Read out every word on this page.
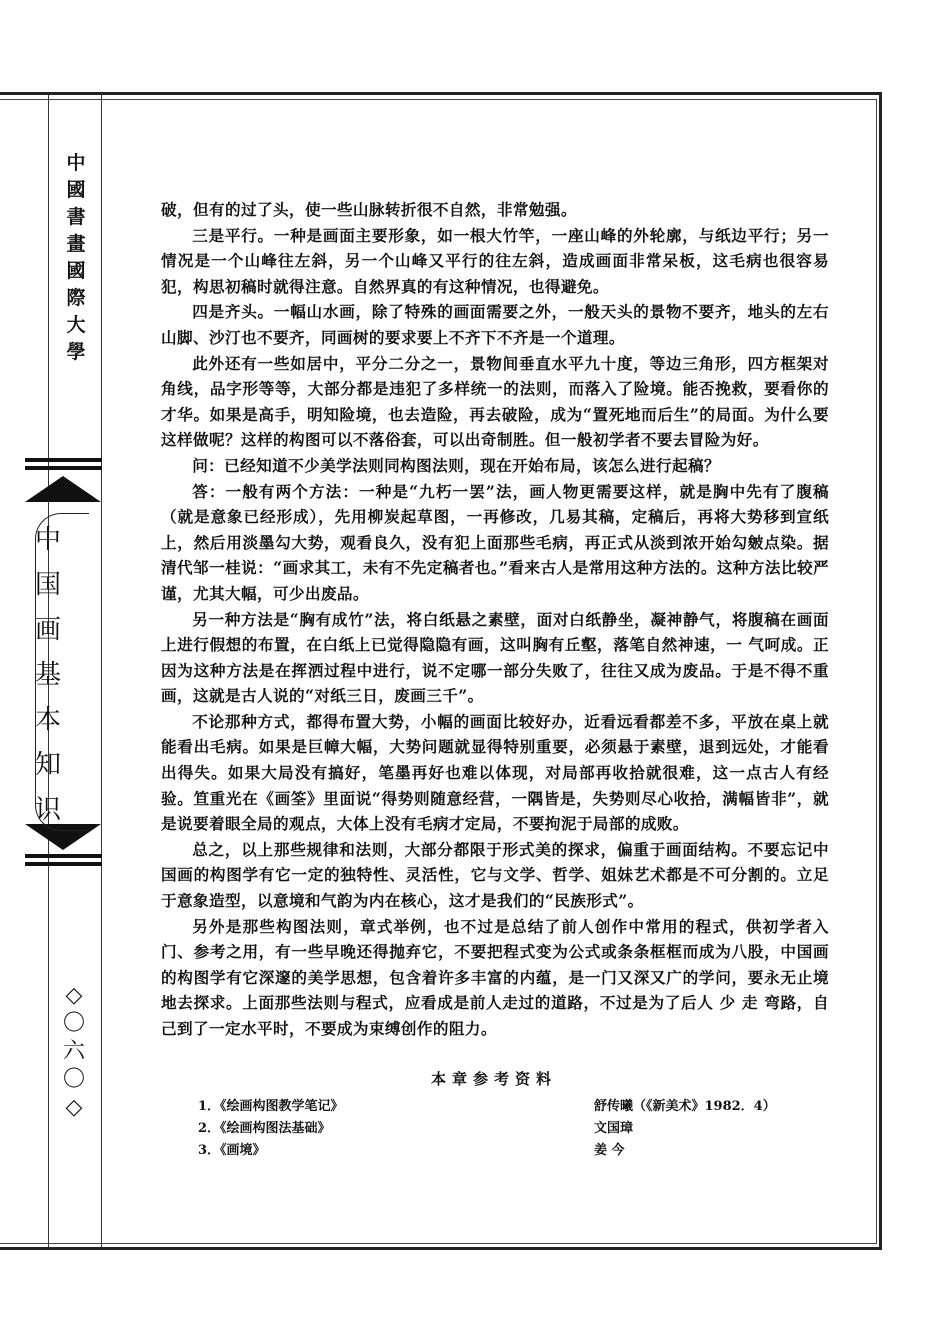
中
國
書
畫
國
際
大
學
中
国
画
基
本
知
识
◇
〇
六
〇
◇

破，但有的过了头，使一些山脉转折很不自然，非常勉强。

三是平行。一种是画面主要形象，如一根大竹竿，一座山峰的外轮廓，与纸边平行；另一情况是一个山峰往左斜，另一个山峰又平行的往左斜，造成画面非常呆板，这毛病也很容易犯，构思初稿时就得注意。自然界真的有这种情况，也得避免。

四是齐头。一幅山水画，除了特殊的画面需要之外，一般天头的景物不要齐，地头的左右山脚、沙汀也不要齐，同画树的要求要上不齐下不齐是一个道理。

此外还有一些如居中，平分二分之一，景物间垂直水平九十度，等边三角形，四方框架对角线，品字形等等，大部分都是违犯了多样统一的法则，而落入了险境。能否挽救，要看你的才华。如果是高手，明知险境，也去造险，再去破险，成为“置死地而后生”的局面。为什么要这样做呢？这样的构图可以不落俗套，可以出奇制胜。但一般初学者不要去冒险为好。

问：已经知道不少美学法则同构图法则，现在开始布局，该怎么进行起稿？

答：一般有两个方法：一种是“九朽一罢”法，画人物更需要这样，就是胸中先有了腹稿（就是意象已经形成），先用柳炭起草图，一再修改，几易其稿，定稿后，再将大势移到宣纸上，然后用淡墨勾大势，观看良久，没有犯上面那些毛病，再正式从淡到浓开始勾皴点染。据清代邹一桂说：“画求其工，未有不先定稿者也。”看来古人是常用这种方法的。这种方法比较严谨，尤其大幅，可少出废品。

另一种方法是“胸有成竹”法，将白纸悬之素壁，面对白纸静坐，凝神静气，将腹稿在画面上进行假想的布置，在白纸上已觉得隐隐有画，这叫胸有丘壑，落笔自然神速，一 气呵成。正因为这种方法是在挥洒过程中进行，说不定哪一部分失败了，往往又成为废品。于是不得不重画，这就是古人说的“对纸三日，废画三千”。

不论那种方式，都得布置大势，小幅的画面比较好办，近看远看都差不多，平放在桌上就能看出毛病。如果是巨幛大幅，大势问题就显得特别重要，必须悬于素壁，退到远处，才能看出得失。如果大局没有搞好，笔墨再好也难以体现，对局部再收拾就很难，这一点古人有经验。笪重光在《画筌》里面说“得势则随意经营，一隅皆是，失势则尽心收拾，满幅皆非”，就是说要着眼全局的观点，大体上没有毛病才定局，不要拘泥于局部的成败。

总之，以上那些规律和法则，大部分都限于形式美的探求，偏重于画面结构。不要忘记中国画的构图学有它一定的独特性、灵活性，它与文学、哲学、姐妹艺术都是不可分割的。立足于意象造型，以意境和气韵为内在核心，这才是我们的“民族形式”。

另外是那些构图法则，章式举例，也不过是总结了前人创作中常用的程式，供初学者入门、参考之用，有一些早晚还得抛弃它，不要把程式变为公式或条条框框而成为八股，中国画的构图学有它深邃的美学思想，包含着许多丰富的内蕴，是一门又深又广的学问，要永无止境地去探求。上面那些法则与程式，应看成是前人走过的道路，不过是为了后人 少 走 弯路，自己到了一定水平时，不要成为束缚创作的阻力。

本章参考资料
1．《绘画构图教学笔记》	舒传曦（《新美术》1982．4）
2．《绘画构图法基础》	文国璋
3．《画境》	姜 今
